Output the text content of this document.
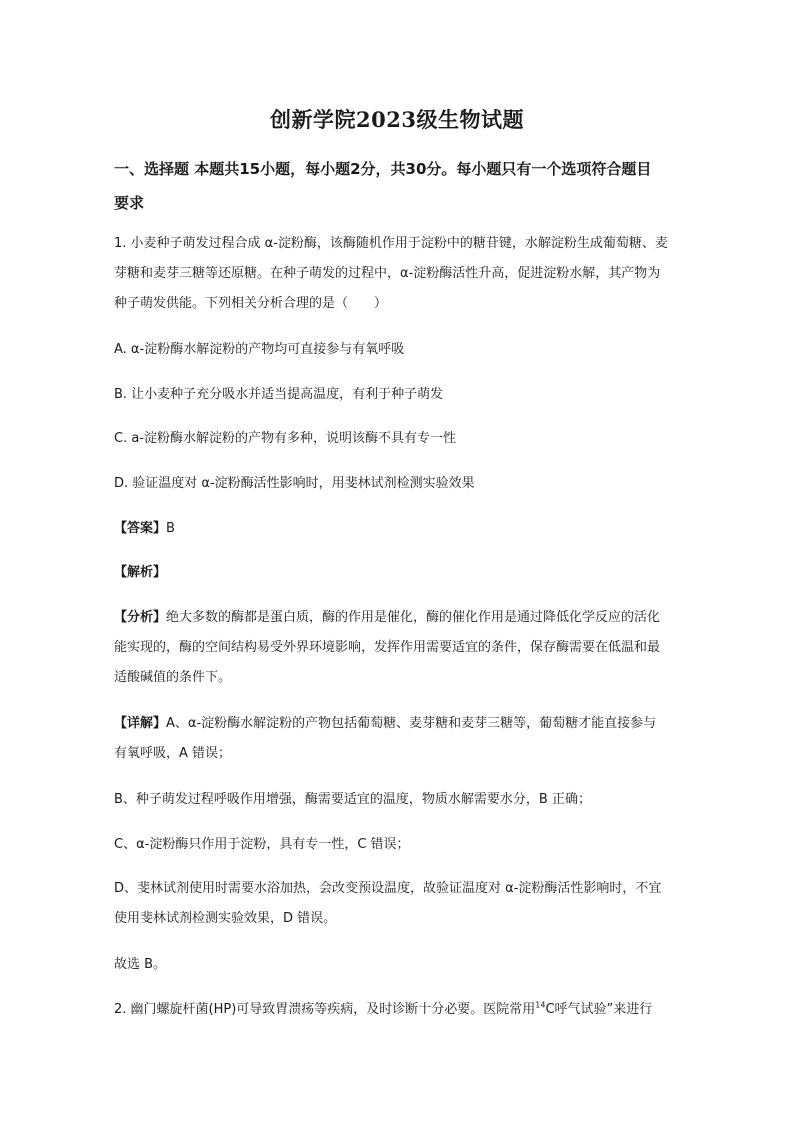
创新学院2023级生物试题
一、选择题 本题共15小题，每小题2分，共30分。每小题只有一个选项符合题目
要求
1. 小麦种子萌发过程合成 α-淀粉酶，该酶随机作用于淀粉中的糖苷键，水解淀粉生成葡萄糖、麦
芽糖和麦芽三糖等还原糖。在种子萌发的过程中，α-淀粉酶活性升高，促进淀粉水解，其产物为
种子萌发供能。下列相关分析合理的是（　　）
A. α-淀粉酶水解淀粉的产物均可直接参与有氧呼吸
B. 让小麦种子充分吸水并适当提高温度，有利于种子萌发
C. a-淀粉酶水解淀粉的产物有多种，说明该酶不具有专一性
D. 验证温度对 α-淀粉酶活性影响时，用斐林试剂检测实验效果
【答案】B
【解析】
【分析】绝大多数的酶都是蛋白质，酶的作用是催化，酶的催化作用是通过降低化学反应的活化
能实现的，酶的空间结构易受外界环境影响，发挥作用需要适宜的条件，保存酶需要在低温和最
适酸碱值的条件下。
【详解】A、α-淀粉酶水解淀粉的产物包括葡萄糖、麦芽糖和麦芽三糖等，葡萄糖才能直接参与
有氧呼吸，A 错误；
B、种子萌发过程呼吸作用增强，酶需要适宜的温度，物质水解需要水分，B 正确；
C、α-淀粉酶只作用于淀粉，具有专一性，C 错误；
D、斐林试剂使用时需要水浴加热，会改变预设温度，故验证温度对 α-淀粉酶活性影响时，不宜
使用斐林试剂检测实验效果，D 错误。
故选 B。
2. 幽门螺旋杆菌(HP)可导致胃溃疡等疾病，及时诊断十分必要。医院常用$^{14}$C呼气试验”来进行
